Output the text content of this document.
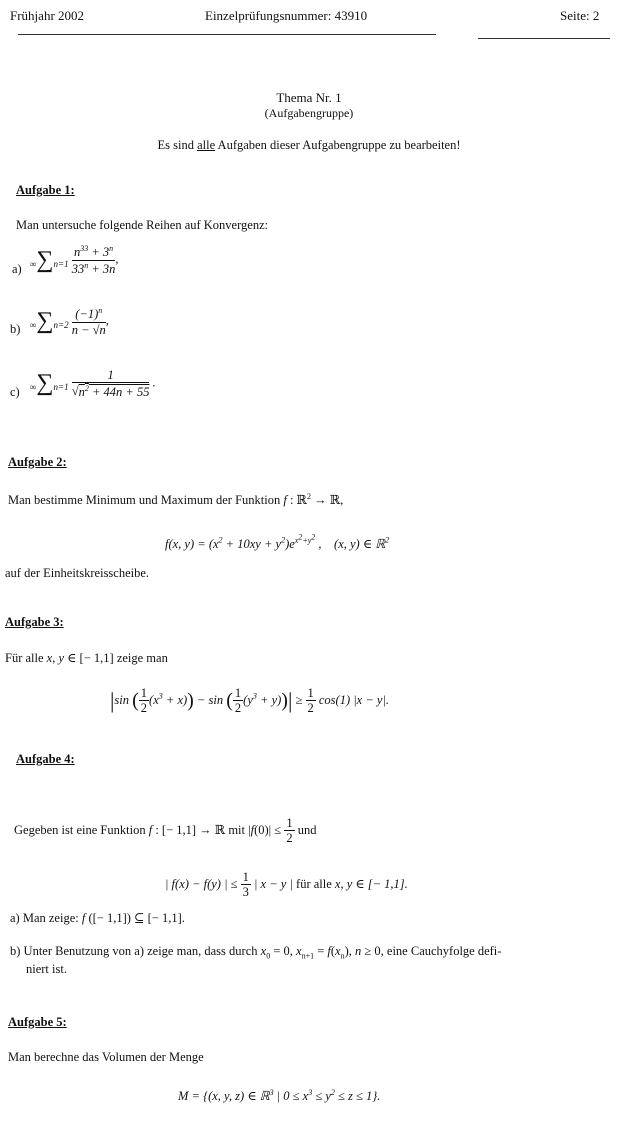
Frühjahr 2002	Einzelprüfungsnummer: 43910	Seite: 2
Thema Nr. 1
(Aufgabengruppe)
Es sind alle Aufgaben dieser Aufgabengruppe zu bearbeiten!
Aufgabe 1:
Man untersuche folgende Reihen auf Konvergenz:
a) $\infty\sum n=1 \frac{n^{33} + 3^n}{33^n + 3n}$ ,
b) $\infty\sum n=2 \frac{(-1)^n}{n - √n}$ ,
c) $\infty\sum n=1 \frac{1}{√n^2 + 44n + 55}$ .
Aufgabe 2:
Man bestimme Minimum und Maximum der Funktion f : ℝ$^2$ → ℝ,
f(x, $y) = (x^2 + 10xy + y^2)e^{x^2+y^2}$ ,    (x, y) ∈ ℝ$^2$
auf der Einheitskreisscheibe.
Aufgabe 3:
Für alle x, y ∈ [− 1,1] zeige man
|sin ( $\frac{1}{2} (x^3 + x)) - \sin$ ( $\frac{1}{2} (y^3 + y))| \ge \frac{1}{2} \cos(1)$ |x − y|.
Aufgabe 4:
Gegeben ist eine Funktion f : [− 1,1] → ℝ mit $|f(0)| \le \frac{1}{2}$ und
| f(x) − f(y) | ≤ $\frac{1}{3}$ | x − y | für alle x, y ∈ [− 1,1].
a) Man zeige: f ([− 1,1]) ⊆ [− 1,1].
b) Unter Benutzung von a) zeige man, dass durch $x_0 = 0$, $x_{n+1} = f(x_n)$, n ≥ 0, eine Cauchyfolge defi-
niert ist.
Aufgabe 5:
Man berechne das Volumen der Menge
M = {(x, y, z) ∈ ℝ$^3$ | $0 \le x^3 \le y^2 \le z \le 1$}.
